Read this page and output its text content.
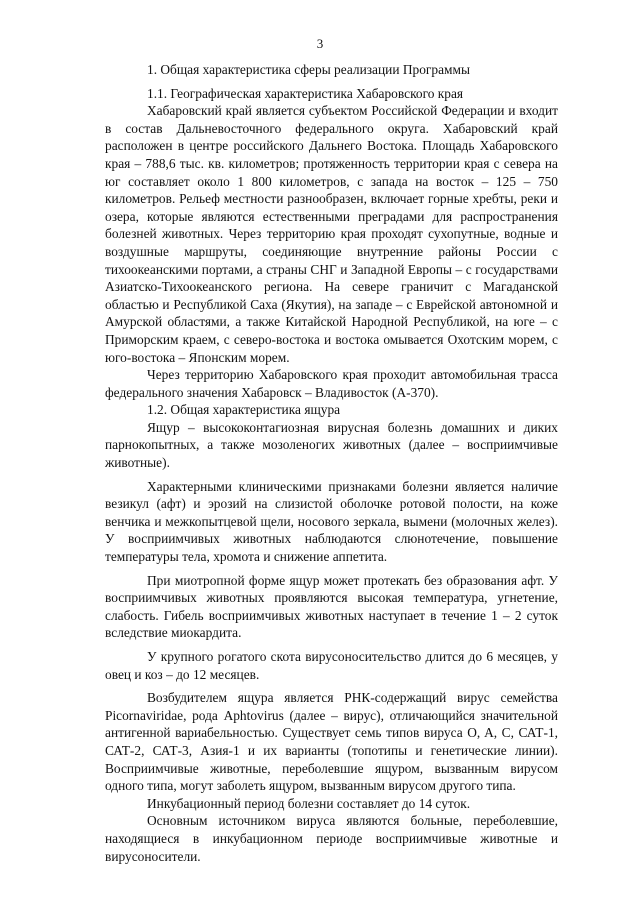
3

1. Общая характеристика сферы реализации Программы

1.1. Географическая характеристика Хабаровского края

Хабаровский край является субъектом Российской Федерации и входит в состав Дальневосточного федерального округа. Хабаровский край расположен в центре российского Дальнего Востока. Площадь Хабаровского края – 788,6 тыс. кв. километров; протяженность территории края с севера на юг составляет около 1 800 километров, с запада на восток – 125 – 750 километров. Рельеф местности разнообразен, включает горные хребты, реки и озера, которые являются естественными преградами для распространения болезней животных. Через территорию края проходят сухопутные, водные и воздушные маршруты, соединяющие внутренние районы России с тихоокеанскими портами, а страны СНГ и Западной Европы – с государствами Азиатско-Тихоокеанского региона. На севере граничит с Магаданской областью и Республикой Саха (Якутия), на западе – с Еврейской автономной и Амурской областями, а также Китайской Народной Республикой, на юге – с Приморским краем, с северо-востока и востока омывается Охотским морем, с юго-востока – Японским морем.

Через территорию Хабаровского края проходит автомобильная трасса федерального значения Хабаровск – Владивосток (А-370).

1.2. Общая характеристика ящура

Ящур – высококонтагиозная вирусная болезнь домашних и диких парнокопытных, а также мозоленогих животных (далее – восприимчивые животные).

Характерными клиническими признаками болезни является наличие везикул (афт) и эрозий на слизистой оболочке ротовой полости, на коже венчика и межкопытцевой щели, носового зеркала, вымени (молочных желез). У восприимчивых животных наблюдаются слюнотечение, повышение температуры тела, хромота и снижение аппетита.

При миотропной форме ящур может протекать без образования афт. У восприимчивых животных проявляются высокая температура, угнетение, слабость. Гибель восприимчивых животных наступает в течение 1 – 2 суток вследствие миокардита.

У крупного рогатого скота вирусоносительство длится до 6 месяцев, у овец и коз – до 12 месяцев.

Возбудителем ящура является РНК-содержащий вирус семейства Picornaviridae, рода Aphtovirus (далее – вирус), отличающийся значительной антигенной вариабельностью. Существует семь типов вируса O, A, C, САТ-1, САТ-2, САТ-3, Азия-1 и их варианты (топотипы и генетические линии). Восприимчивые животные, переболевшие ящуром, вызванным вирусом одного типа, могут заболеть ящуром, вызванным вирусом другого типа.

Инкубационный период болезни составляет до 14 суток.

Основным источником вируса являются больные, переболевшие, находящиеся в инкубационном периоде восприимчивые животные и вирусоносители.
